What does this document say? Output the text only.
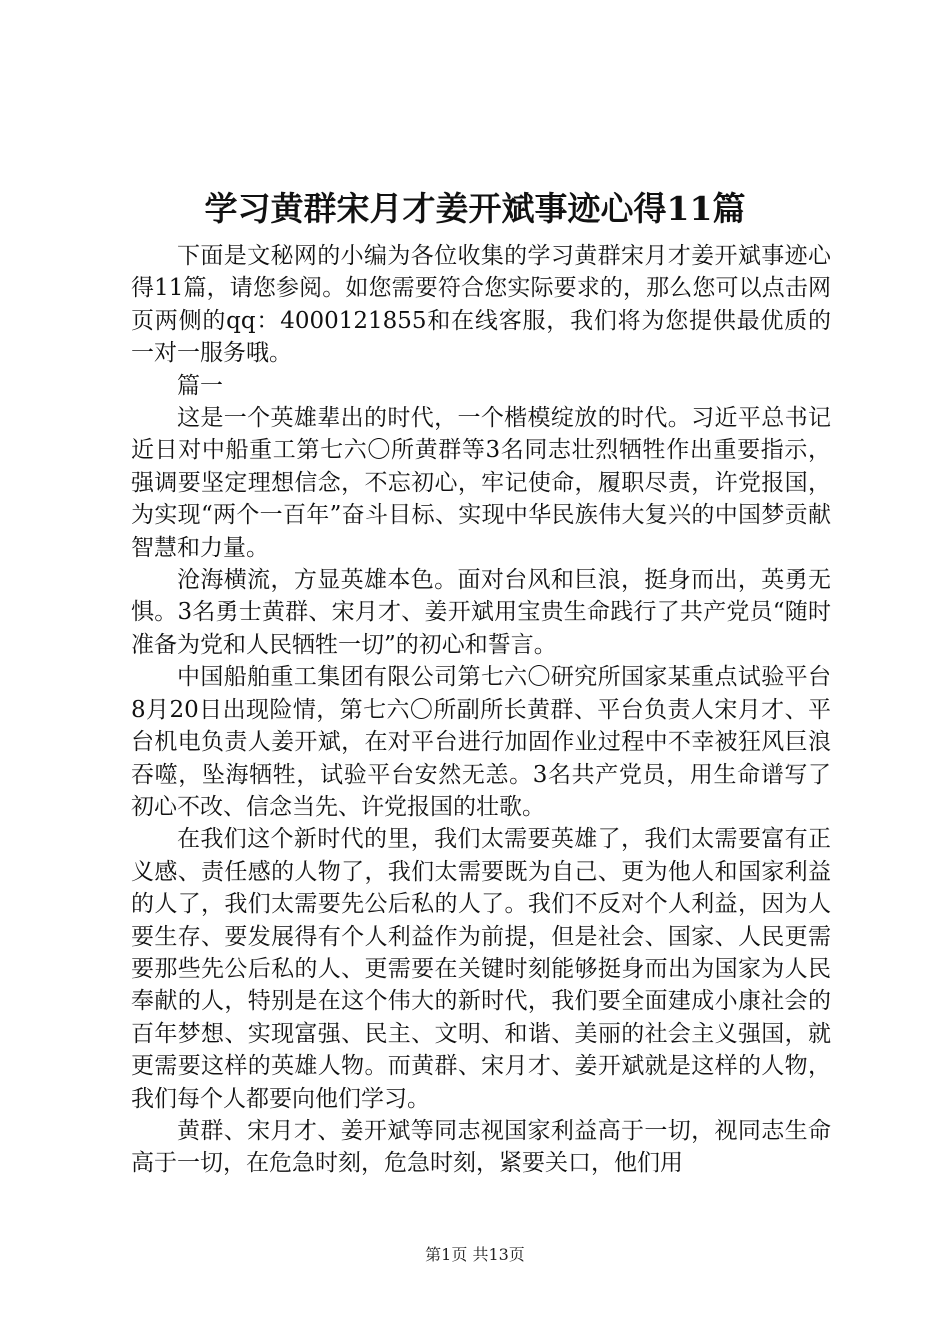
学习黄群宋月才姜开斌事迹心得11篇

下面是文秘网的小编为各位收集的学习黄群宋月才姜开斌事迹心得11篇，请您参阅。如您需要符合您实际要求的，那么您可以点击网页两侧的qq：4000121855和在线客服，我们将为您提供最优质的一对一服务哦。

篇一

这是一个英雄辈出的时代，一个楷模绽放的时代。习近平总书记近日对中船重工第七六〇所黄群等3名同志壮烈牺牲作出重要指示，强调要坚定理想信念，不忘初心，牢记使命，履职尽责，许党报国，为实现“两个一百年”奋斗目标、实现中华民族伟大复兴的中国梦贡献智慧和力量。

沧海横流，方显英雄本色。面对台风和巨浪，挺身而出，英勇无惧。3名勇士黄群、宋月才、姜开斌用宝贵生命践行了共产党员“随时准备为党和人民牺牲一切”的初心和誓言。

中国船舶重工集团有限公司第七六〇研究所国家某重点试验平台8月20日出现险情，第七六〇所副所长黄群、平台负责人宋月才、平台机电负责人姜开斌，在对平台进行加固作业过程中不幸被狂风巨浪吞噬，坠海牺牲，试验平台安然无恙。3名共产党员，用生命谱写了初心不改、信念当先、许党报国的壮歌。

在我们这个新时代的里，我们太需要英雄了，我们太需要富有正义感、责任感的人物了，我们太需要既为自己、更为他人和国家利益的人了，我们太需要先公后私的人了。我们不反对个人利益，因为人要生存、要发展得有个人利益作为前提，但是社会、国家、人民更需要那些先公后私的人、更需要在关键时刻能够挺身而出为国家为人民奉献的人，特别是在这个伟大的新时代，我们要全面建成小康社会的百年梦想、实现富强、民主、文明、和谐、美丽的社会主义强国，就更需要这样的英雄人物。而黄群、宋月才、姜开斌就是这样的人物，我们每个人都要向他们学习。

黄群、宋月才、姜开斌等同志视国家利益高于一切，视同志生命高于一切，在危急时刻，危急时刻，紧要关口，他们用

第1页 共13页
